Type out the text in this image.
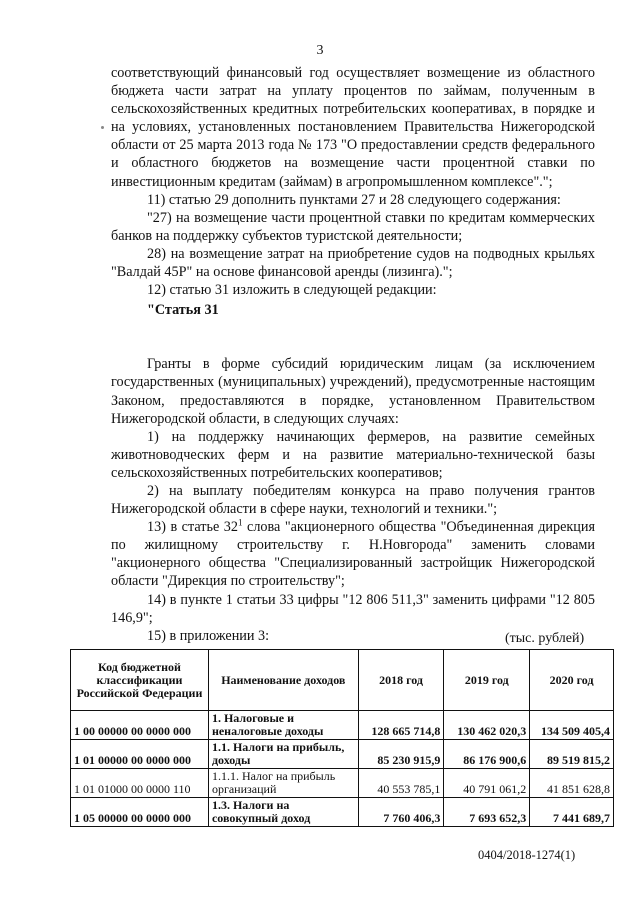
3

соответствующий финансовый год осуществляет возмещение из областного бюджета части затрат на уплату процентов по займам, полученным в сельскохозяйственных кредитных потребительских кооперативах, в порядке и на условиях, установленных постановлением Правительства Нижегородской области от 25 марта 2013 года № 173 "О предоставлении средств федерального и областного бюджетов на возмещение части процентной ставки по инвестиционным кредитам (займам) в агропромышленном комплексе".";

11) статью 29 дополнить пунктами 27 и 28 следующего содержания:

"27) на возмещение части процентной ставки по кредитам коммерческих банков на поддержку субъектов туристской деятельности;

28) на возмещение затрат на приобретение судов на подводных крыльях "Валдай 45Р" на основе финансовой аренды (лизинга).";

12) статью 31 изложить в следующей редакции:

"Статья 31

Гранты в форме субсидий юридическим лицам (за исключением государственных (муниципальных) учреждений), предусмотренные настоящим Законом, предоставляются в порядке, установленном Правительством Нижегородской области, в следующих случаях:

1) на поддержку начинающих фермеров, на развитие семейных животноводческих ферм и на развитие материально-технической базы сельскохозяйственных потребительских кооперативов;

2) на выплату победителям конкурса на право получения грантов Нижегородской области в сфере науки, технологий и техники.";

13) в статье $32^1$ слова "акционерного общества "Объединенная дирекция по жилищному строительству г. Н.Новгорода" заменить словами "акционерного общества "Специализированный застройщик Нижегородской области "Дирекция по строительству";

14) в пункте 1 статьи 33 цифры "12 806 511,3" заменить цифрами "12 805 146,9";

15) в приложении 3:	(тыс. рублей)
Код бюджетной классификации Российской Федерации	Наименование доходов	2018 год	2019 год	2020 год
1 00 00000 00 0000 000	1. Налоговые и неналоговые доходы	128 665 714,8	130 462 020,3	134 509 405,4
1 01 00000 00 0000 000	1.1. Налоги на прибыль, доходы	85 230 915,9	86 176 900,6	89 519 815,2
1 01 01000 00 0000 110	1.1.1. Налог на прибыль организаций	40 553 785,1	40 791 061,2	41 851 628,8
1 05 00000 00 0000 000	1.3. Налоги на совокупный доход	7 760 406,3	7 693 652,3	7 441 689,7
0404/2018-1274(1)
